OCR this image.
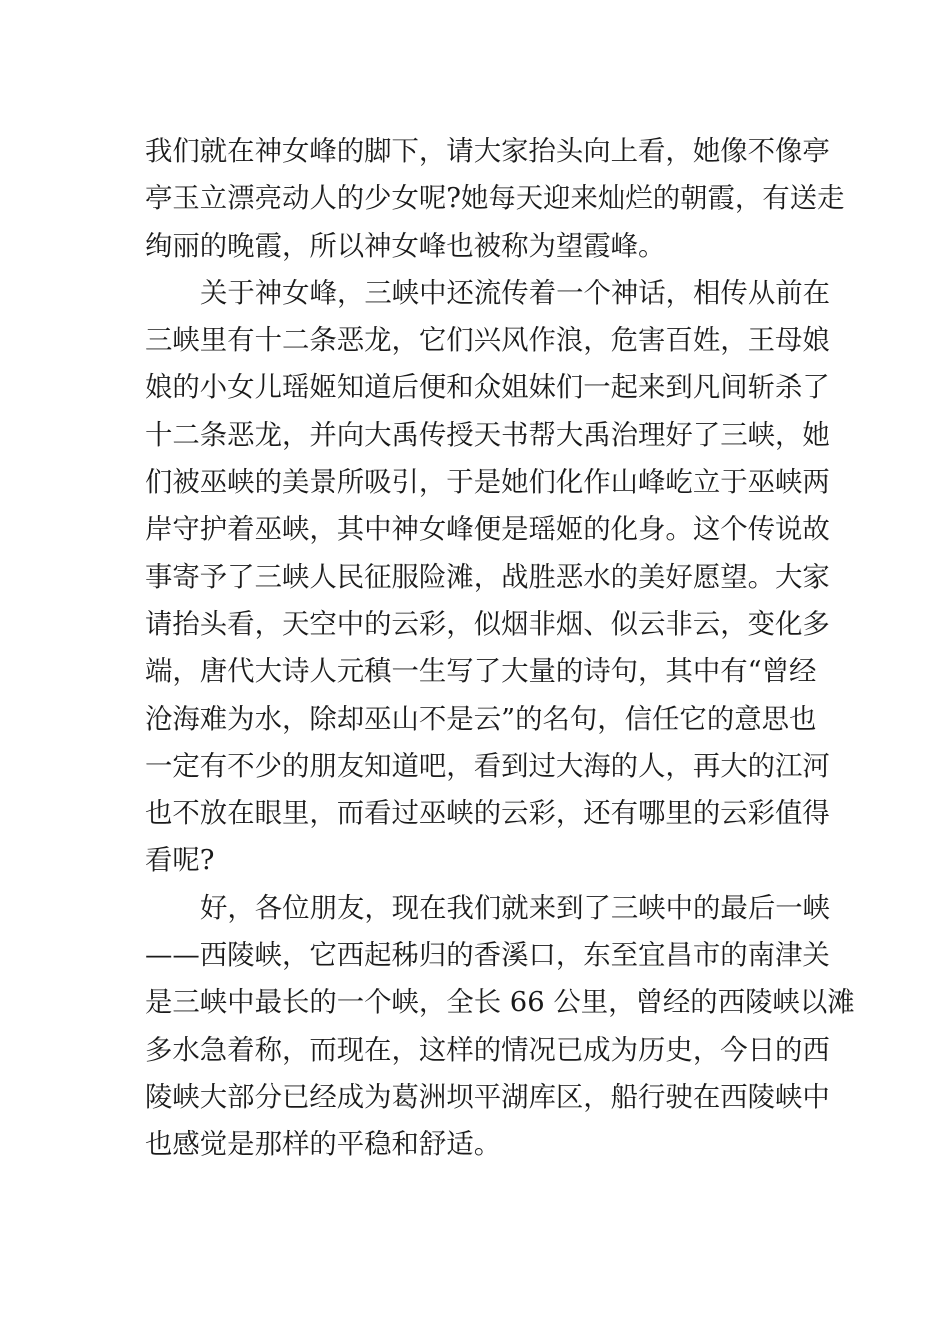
我们就在神女峰的脚下，请大家抬头向上看，她像不像亭
亭玉立漂亮动人的少女呢?她每天迎来灿烂的朝霞，有送走
绚丽的晚霞，所以神女峰也被称为望霞峰。
关于神女峰，三峡中还流传着一个神话，相传从前在
三峡里有十二条恶龙，它们兴风作浪，危害百姓，王母娘
娘的小女儿瑶姬知道后便和众姐妹们一起来到凡间斩杀了
十二条恶龙，并向大禹传授天书帮大禹治理好了三峡，她
们被巫峡的美景所吸引，于是她们化作山峰屹立于巫峡两
岸守护着巫峡，其中神女峰便是瑶姬的化身。这个传说故
事寄予了三峡人民征服险滩，战胜恶水的美好愿望。大家
请抬头看，天空中的云彩，似烟非烟、似云非云，变化多
端，唐代大诗人元稹一生写了大量的诗句，其中有“曾经
沧海难为水，除却巫山不是云”的名句，信任它的意思也
一定有不少的朋友知道吧，看到过大海的人，再大的江河
也不放在眼里，而看过巫峡的云彩，还有哪里的云彩值得
看呢?
好，各位朋友，现在我们就来到了三峡中的最后一峡
——西陵峡，它西起秭归的香溪口，东至宜昌市的南津关
是三峡中最长的一个峡，全长 66 公里，曾经的西陵峡以滩
多水急着称，而现在，这样的情况已成为历史，今日的西
陵峡大部分已经成为葛洲坝平湖库区，船行驶在西陵峡中
也感觉是那样的平稳和舒适。
